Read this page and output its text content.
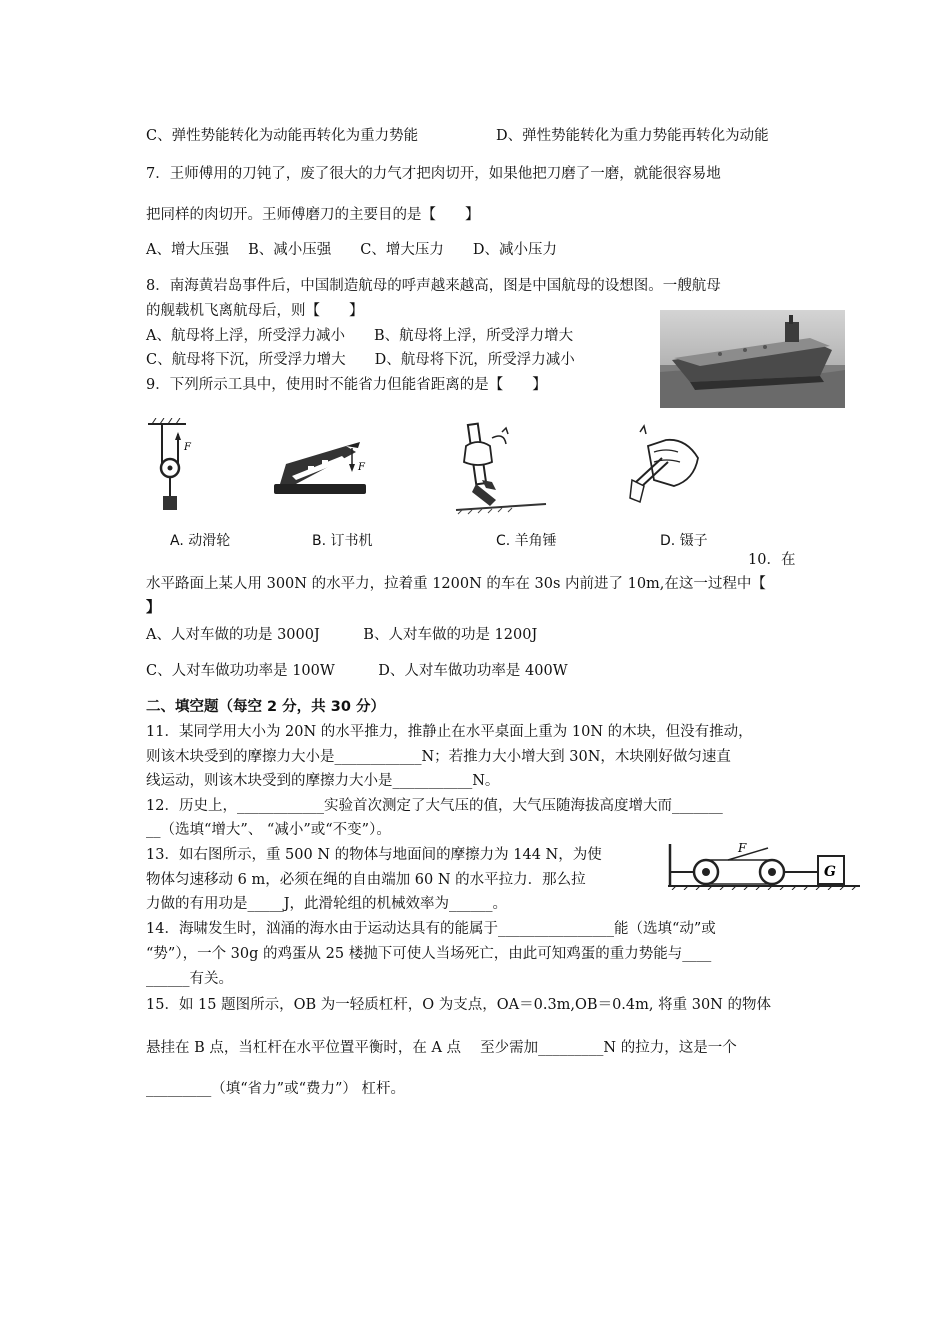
C、弹性势能转化为动能再转化为重力势能	D、弹性势能转化为重力势能再转化为动能
7．王师傅用的刀钝了，废了很大的力气才把肉切开，如果他把刀磨了一磨，就能很容易地
把同样的肉切开。王师傅磨刀的主要目的是【　　】
A、增大压强　 B、减小压强　　C、增大压力　　D、减小压力
8．南海黄岩岛事件后，中国制造航母的呼声越来越高，图是中国航母的设想图。一艘航母
的舰载机飞离航母后，则【　　】
A、航母将上浮，所受浮力减小　　B、航母将上浮，所受浮力增大
C、航母将下沉，所受浮力增大　　D、航母将下沉，所受浮力减小
9．下列所示工具中，使用时不能省力但能省距离的是【　　】
F
F
A. 动滑轮	B. 订书机	C. 羊角锤	D. 镊子
10．在
水平路面上某人用 300N 的水平力，拉着重 1200N 的车在 30s 内前进了 10m,在这一过程中【
】
A、人对车做的功是 3000J　　　B、人对车做的功是 1200J
C、人对车做功功率是 100W　　　D、人对车做功功率是 400W
二、填空题（每空 2 分，共 30 分）
11．某同学用大小为 20N 的水平推力，推静止在水平桌面上重为 10N 的木块，但没有推动，
则该木块受到的摩擦力大小是____________N；若推力大小增大到 30N，木块刚好做匀速直
线运动，则该木块受到的摩擦力大小是___________N。
12．历史上，____________实验首次测定了大气压的值，大气压随海拔高度增大而_______
__（选填“增大”、 “减小”或“不变”）。
13．如右图所示，重 500 N 的物体与地面间的摩擦力为 144 N，为使
物体匀速移动 6 m，必须在绳的自由端加 60 N 的水平拉力．那么拉
力做的有用功是_____J，此滑轮组的机械效率为______。
F
G
14．海啸发生时，汹涌的海水由于运动达具有的能属于________________能（选填“动”或
“势”），一个 30g 的鸡蛋从 25 楼抛下可使人当场死亡，由此可知鸡蛋的重力势能与____
______有关。
15．如 15 题图所示，OB 为一轻质杠杆，O 为支点，OA＝0.3m,OB＝0.4m, 将重 30N 的物体
悬挂在 B 点，当杠杆在水平位置平衡时，在 A 点　 至少需加_________N 的拉力，这是一个
_________（填“省力”或“费力”） 杠杆。
